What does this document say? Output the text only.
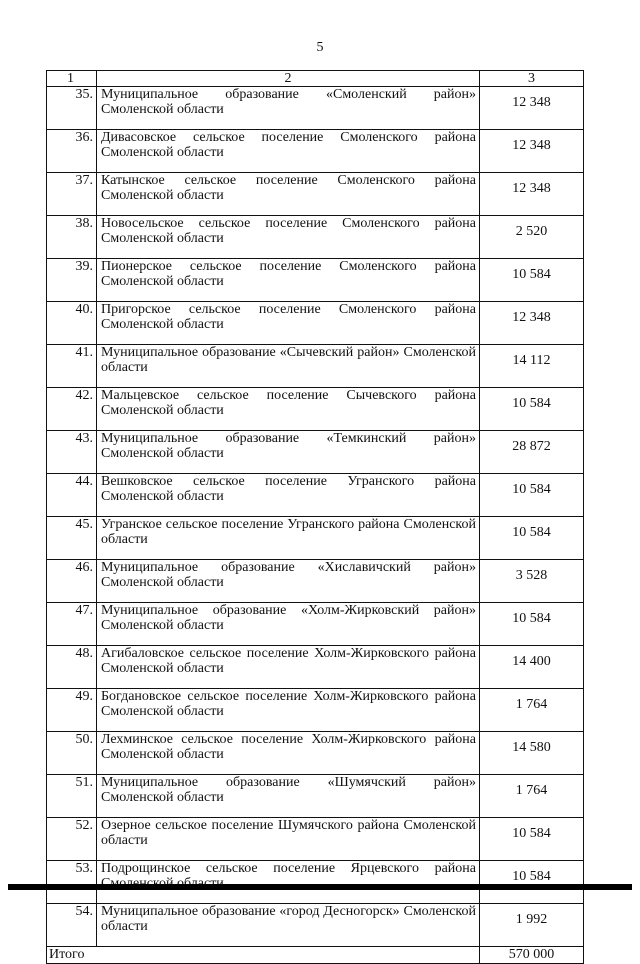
5
1	2	3
35.	Муниципальное образование «Смоленский район» Смоленской области	12 348
36.	Дивасовское сельское поселение Смоленского района Смоленской области	12 348
37.	Катынское сельское поселение Смоленского района Смоленской области	12 348
38.	Новосельское сельское поселение Смоленского района Смоленской области	2 520
39.	Пионерское сельское поселение Смоленского района Смоленской области	10 584
40.	Пригорское сельское поселение Смоленского района Смоленской области	12 348
41.	Муниципальное образование «Сычевский район» Смоленской области	14 112
42.	Мальцевское сельское поселение Сычевского района Смоленской области	10 584
43.	Муниципальное образование «Темкинский район» Смоленской области	28 872
44.	Вешковское сельское поселение Угранского района Смоленской области	10 584
45.	Угранское сельское поселение Угранского района Смоленской области	10 584
46.	Муниципальное образование «Хиславичский район» Смоленской области	3 528
47.	Муниципальное образование «Холм-Жирковский район» Смоленской области	10 584
48.	Агибаловское сельское поселение Холм-Жирковского района Смоленской области	14 400
49.	Богдановское сельское поселение Холм-Жирковского района Смоленской области	1 764
50.	Лехминское сельское поселение Холм-Жирковского района Смоленской области	14 580
51.	Муниципальное образование «Шумячский район» Смоленской области	1 764
52.	Озерное сельское поселение Шумячского района Смоленской области	10 584
53.	Подрощинское сельское поселение Ярцевского района	10 584
54.	Муниципальное образование «город Десногорск» Смоленской области	1 992
Итого		570 000
